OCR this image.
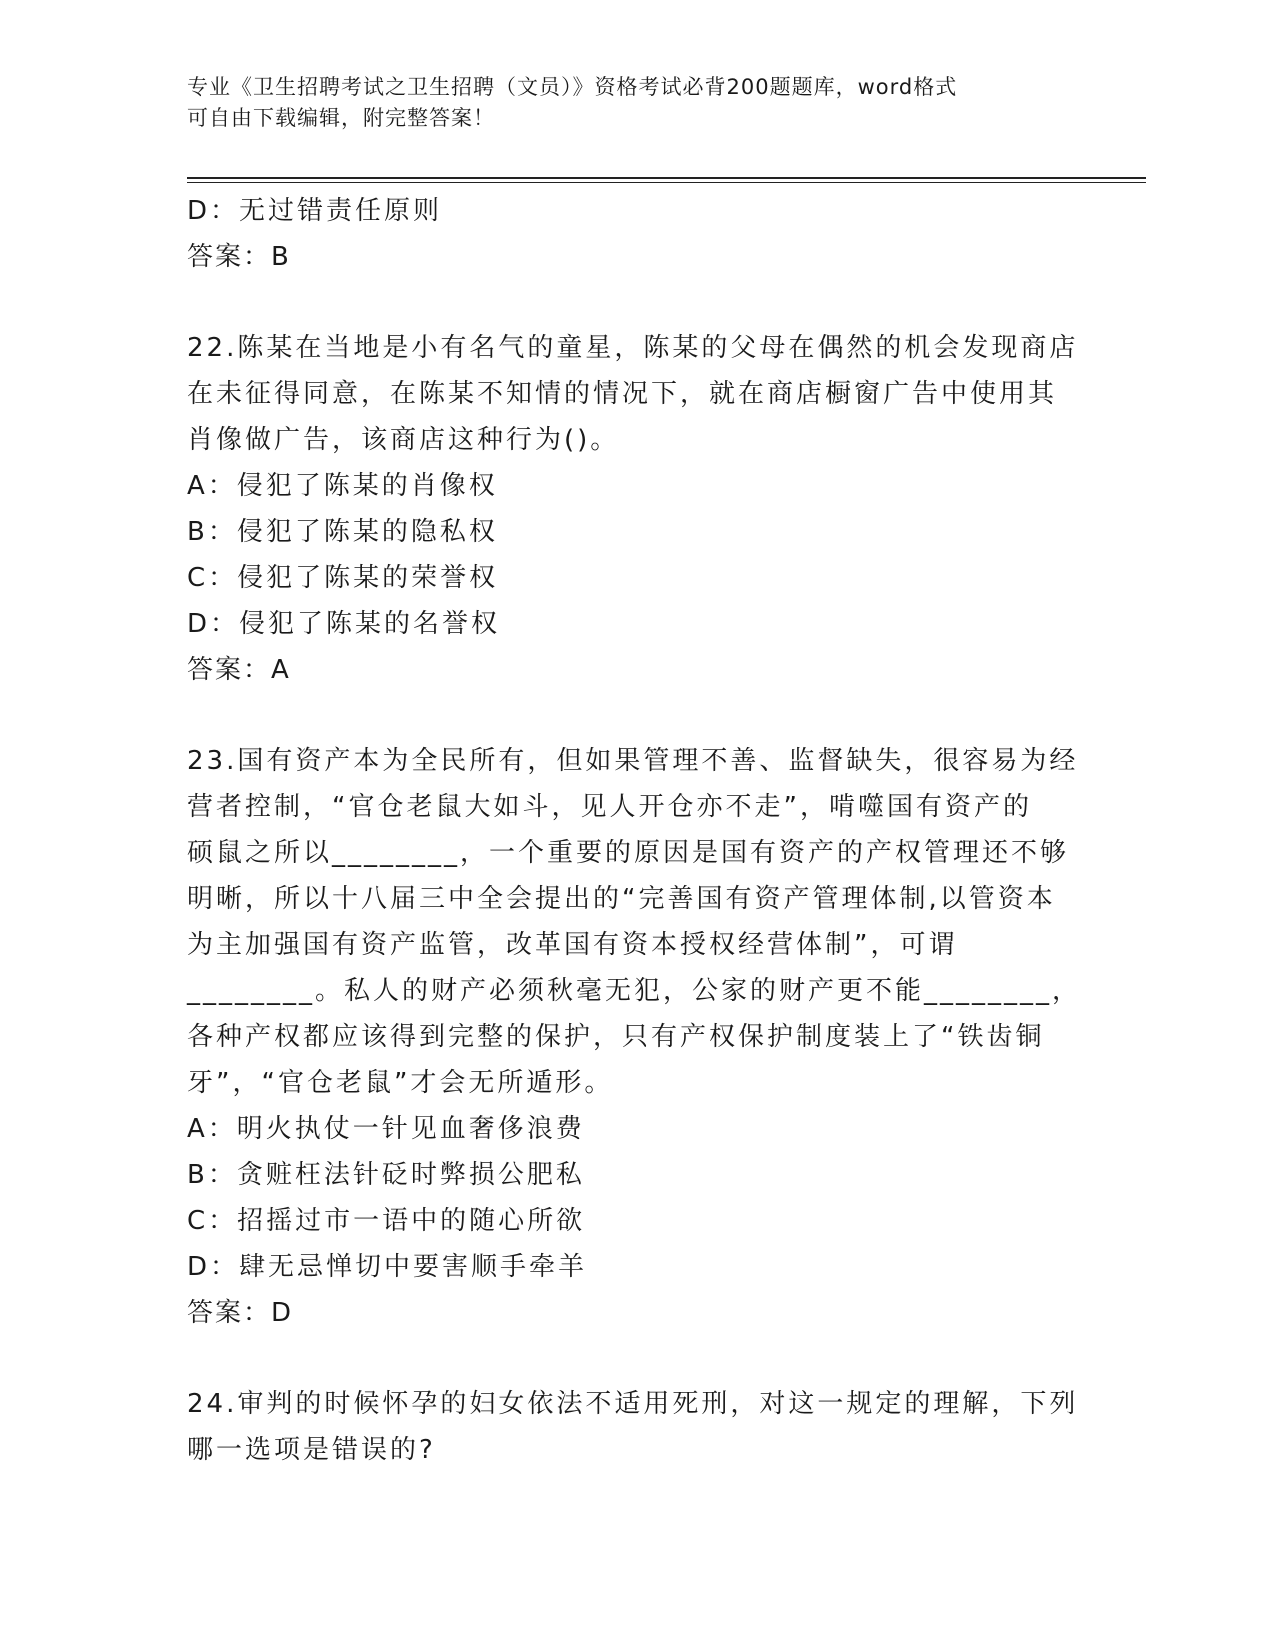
专业《卫生招聘考试之卫生招聘（文员）》资格考试必背200题题库，word格式
可自由下载编辑，附完整答案！
D：无过错责任原则
答案：B
22.陈某在当地是小有名气的童星，陈某的父母在偶然的机会发现商店
在未征得同意，在陈某不知情的情况下，就在商店橱窗广告中使用其
肖像做广告，该商店这种行为()。
A：侵犯了陈某的肖像权
B：侵犯了陈某的隐私权
C：侵犯了陈某的荣誉权
D：侵犯了陈某的名誉权
答案：A
23.国有资产本为全民所有，但如果管理不善、监督缺失，很容易为经
营者控制，“官仓老鼠大如斗，见人开仓亦不走”，啃噬国有资产的
硕鼠之所以________，一个重要的原因是国有资产的产权管理还不够
明晰，所以十八届三中全会提出的“完善国有资产管理体制,以管资本
为主加强国有资产监管，改革国有资本授权经营体制”，可谓
________。私人的财产必须秋毫无犯，公家的财产更不能________，
各种产权都应该得到完整的保护，只有产权保护制度装上了“铁齿铜
牙”，“官仓老鼠”才会无所遁形。
A：明火执仗一针见血奢侈浪费
B：贪赃枉法针砭时弊损公肥私
C：招摇过市一语中的随心所欲
D：肆无忌惮切中要害顺手牵羊
答案：D
24.审判的时候怀孕的妇女依法不适用死刑，对这一规定的理解，下列
哪一选项是错误的?
